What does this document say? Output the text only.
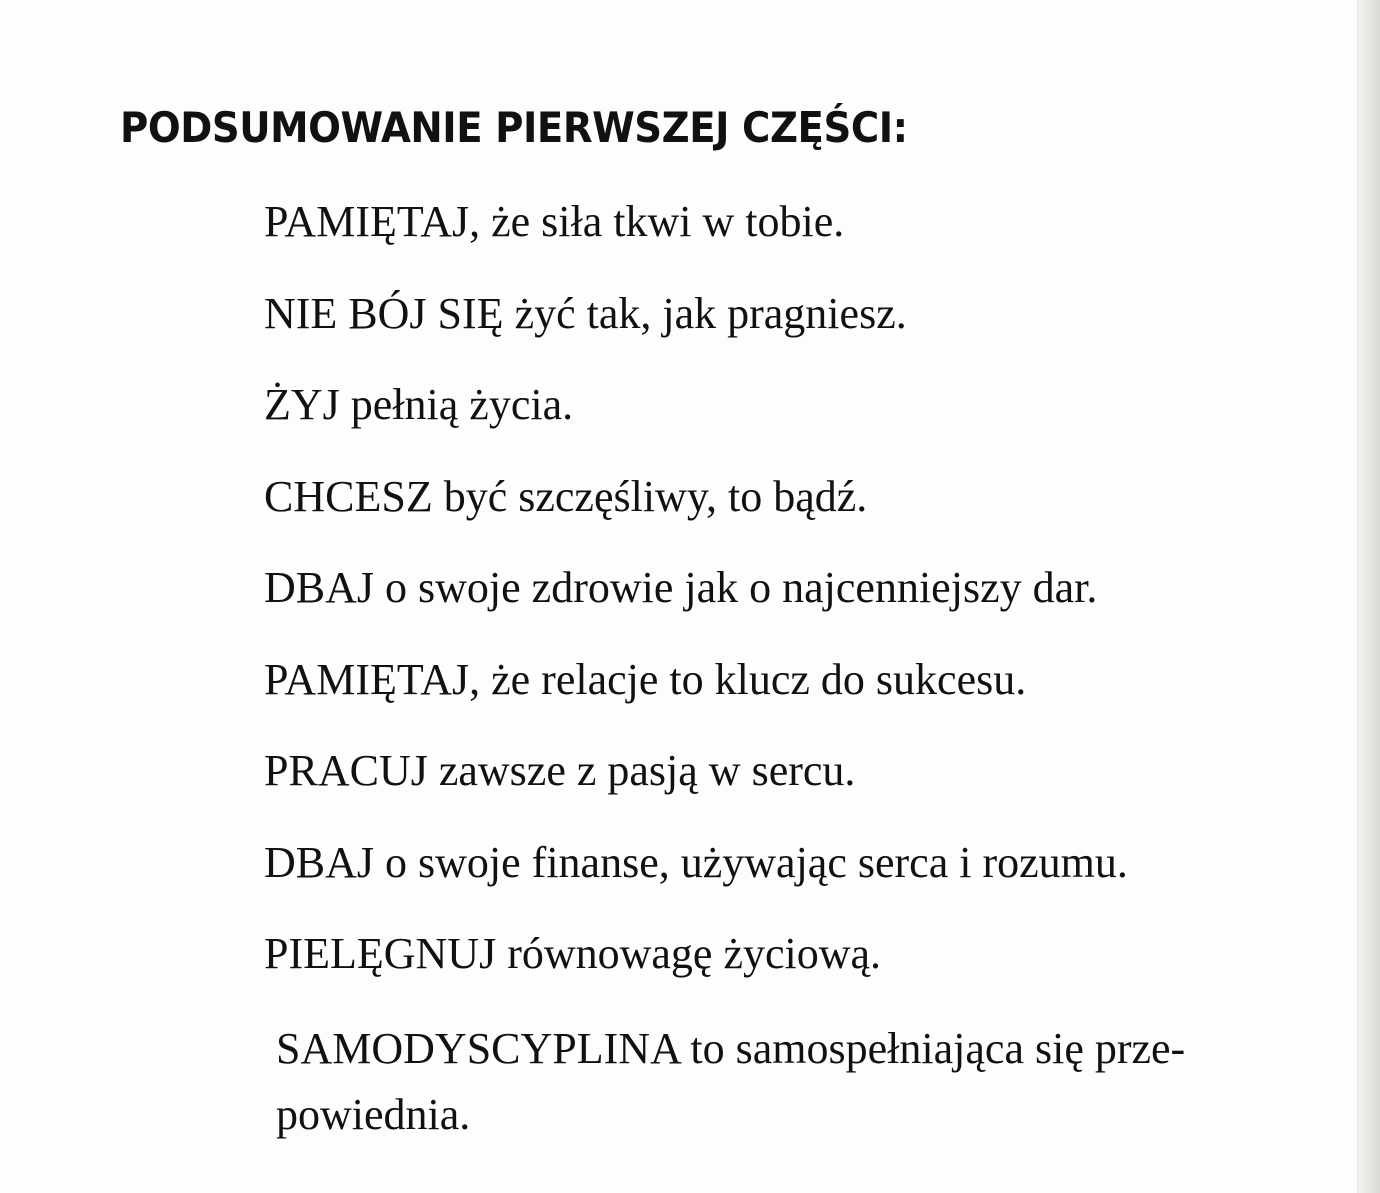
PODSUMOWANIE PIERWSZEJ CZĘŚCI:
PAMIĘTAJ, że siła tkwi w tobie.
NIE BÓJ SIĘ żyć tak, jak pragniesz.
ŻYJ pełnią życia.
CHCESZ być szczęśliwy, to bądź.
DBAJ o swoje zdrowie jak o najcenniejszy dar.
PAMIĘTAJ, że relacje to klucz do sukcesu.
PRACUJ zawsze z pasją w sercu.
DBAJ o swoje finanse, używając serca i rozumu.
PIELĘGNUJ równowagę życiową.
SAMODYSCYPLINA to samospełniająca się prze-
powiednia.
